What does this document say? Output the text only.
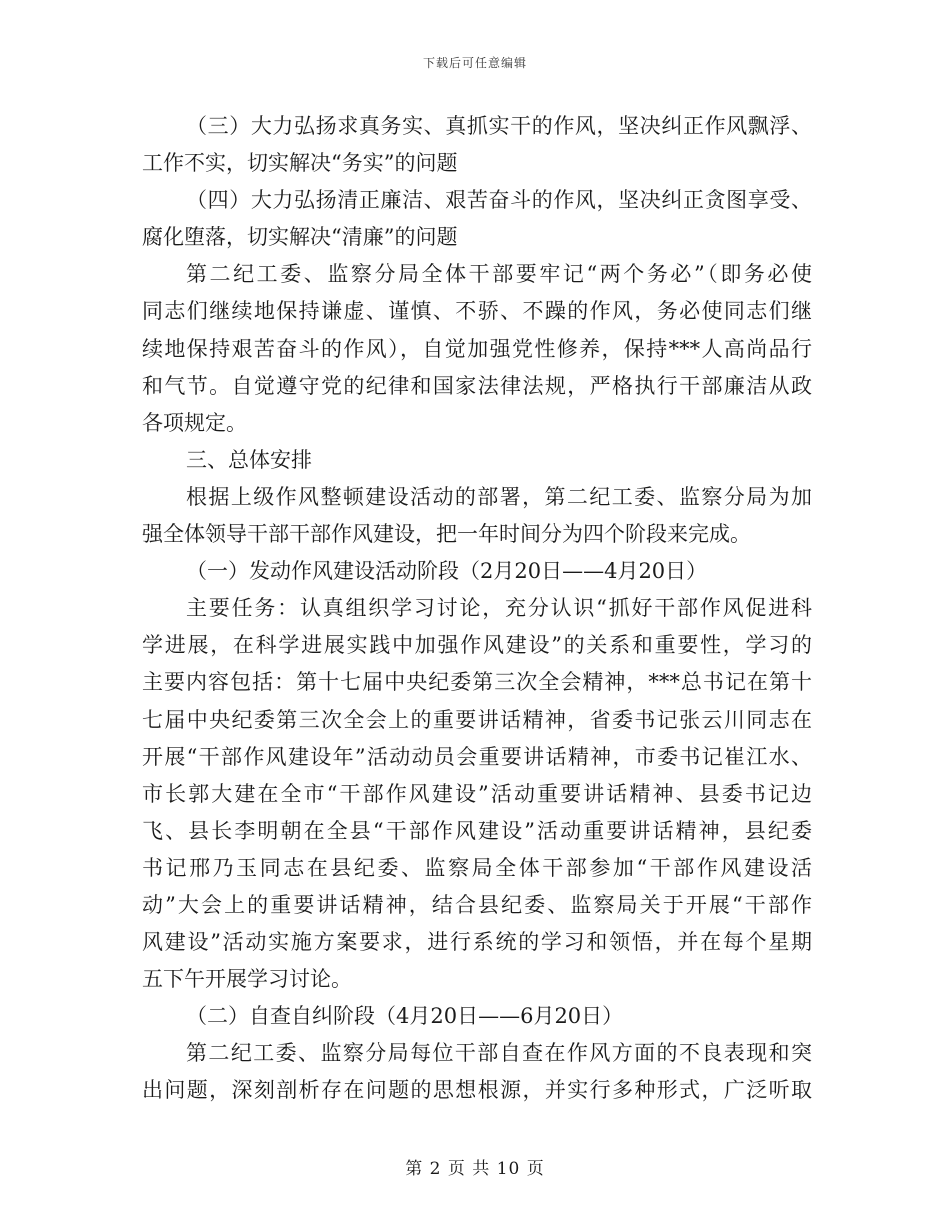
下载后可任意编辑
（三）大力弘扬求真务实、真抓实干的作风，坚决纠正作风飘浮、
工作不实，切实解决“务实”的问题
（四）大力弘扬清正廉洁、艰苦奋斗的作风，坚决纠正贪图享受、
腐化堕落，切实解决“清廉”的问题
第二纪工委、监察分局全体干部要牢记“两个务必”（即务必使
同志们继续地保持谦虚、谨慎、不骄、不躁的作风，务必使同志们继
续地保持艰苦奋斗的作风），自觉加强党性修养，保持***人高尚品行
和气节。自觉遵守党的纪律和国家法律法规，严格执行干部廉洁从政
各项规定。
三、总体安排
根据上级作风整顿建设活动的部署，第二纪工委、监察分局为加
强全体领导干部干部作风建设，把一年时间分为四个阶段来完成。
（一）发动作风建设活动阶段（2月20日——4月20日）
主要任务：认真组织学习讨论，充分认识“抓好干部作风促进科
学进展，在科学进展实践中加强作风建设”的关系和重要性，学习的
主要内容包括：第十七届中央纪委第三次全会精神，***总书记在第十
七届中央纪委第三次全会上的重要讲话精神，省委书记张云川同志在
开展“干部作风建设年”活动动员会重要讲话精神，市委书记崔江水、
市长郭大建在全市“干部作风建设”活动重要讲话精神、县委书记边
飞、县长李明朝在全县“干部作风建设”活动重要讲话精神，县纪委
书记邢乃玉同志在县纪委、监察局全体干部参加“干部作风建设活
动”大会上的重要讲话精神，结合县纪委、监察局关于开展“干部作
风建设”活动实施方案要求，进行系统的学习和领悟，并在每个星期
五下午开展学习讨论。
（二）自查自纠阶段（4月20日——6月20日）
第二纪工委、监察分局每位干部自查在作风方面的不良表现和突
出问题，深刻剖析存在问题的思想根源，并实行多种形式，广泛听取
第 2 页 共 10 页
